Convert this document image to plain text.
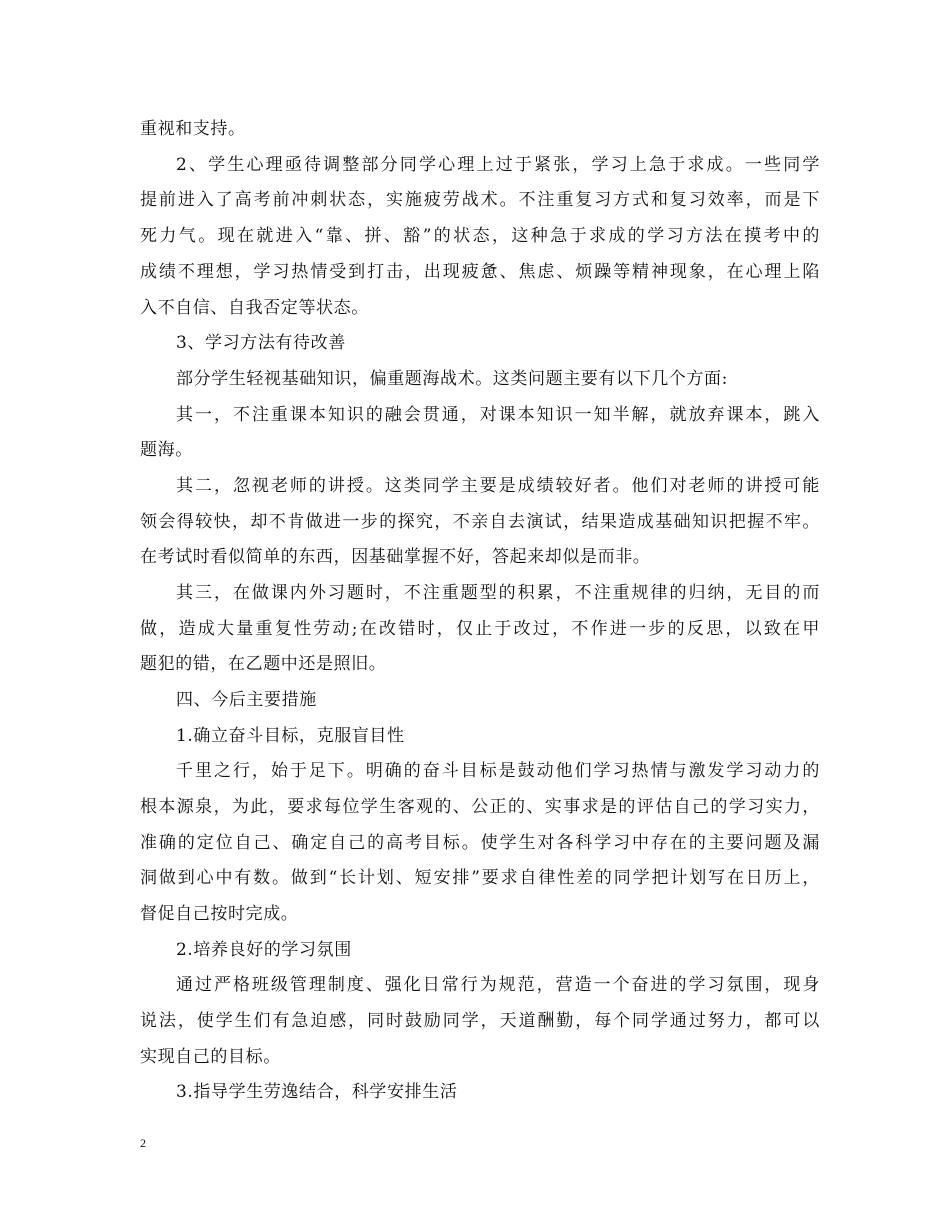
重视和支持。
2、学生心理亟待调整部分同学心理上过于紧张，学习上急于求成。一些同学
提前进入了高考前冲刺状态，实施疲劳战术。不注重复习方式和复习效率，而是下
死力气。现在就进入“靠、拼、豁”的状态，这种急于求成的学习方法在摸考中的
成绩不理想，学习热情受到打击，出现疲惫、焦虑、烦躁等精神现象，在心理上陷
入不自信、自我否定等状态。
3、学习方法有待改善
部分学生轻视基础知识，偏重题海战术。这类问题主要有以下几个方面:
其一，不注重课本知识的融会贯通，对课本知识一知半解，就放弃课本，跳入
题海。
其二，忽视老师的讲授。这类同学主要是成绩较好者。他们对老师的讲授可能
领会得较快，却不肯做进一步的探究，不亲自去演试，结果造成基础知识把握不牢。
在考试时看似简单的东西，因基础掌握不好，答起来却似是而非。
其三，在做课内外习题时，不注重题型的积累，不注重规律的归纳，无目的而
做，造成大量重复性劳动;在改错时，仅止于改过，不作进一步的反思，以致在甲
题犯的错，在乙题中还是照旧。
四、今后主要措施
1.确立奋斗目标，克服盲目性
千里之行，始于足下。明确的奋斗目标是鼓动他们学习热情与激发学习动力的
根本源泉，为此，要求每位学生客观的、公正的、实事求是的评估自己的学习实力，
准确的定位自己、确定自己的高考目标。使学生对各科学习中存在的主要问题及漏
洞做到心中有数。做到“长计划、短安排”要求自律性差的同学把计划写在日历上，
督促自己按时完成。
2.培养良好的学习氛围
通过严格班级管理制度、强化日常行为规范，营造一个奋进的学习氛围，现身
说法，使学生们有急迫感，同时鼓励同学，天道酬勤，每个同学通过努力，都可以
实现自己的目标。
3.指导学生劳逸结合，科学安排生活
2
